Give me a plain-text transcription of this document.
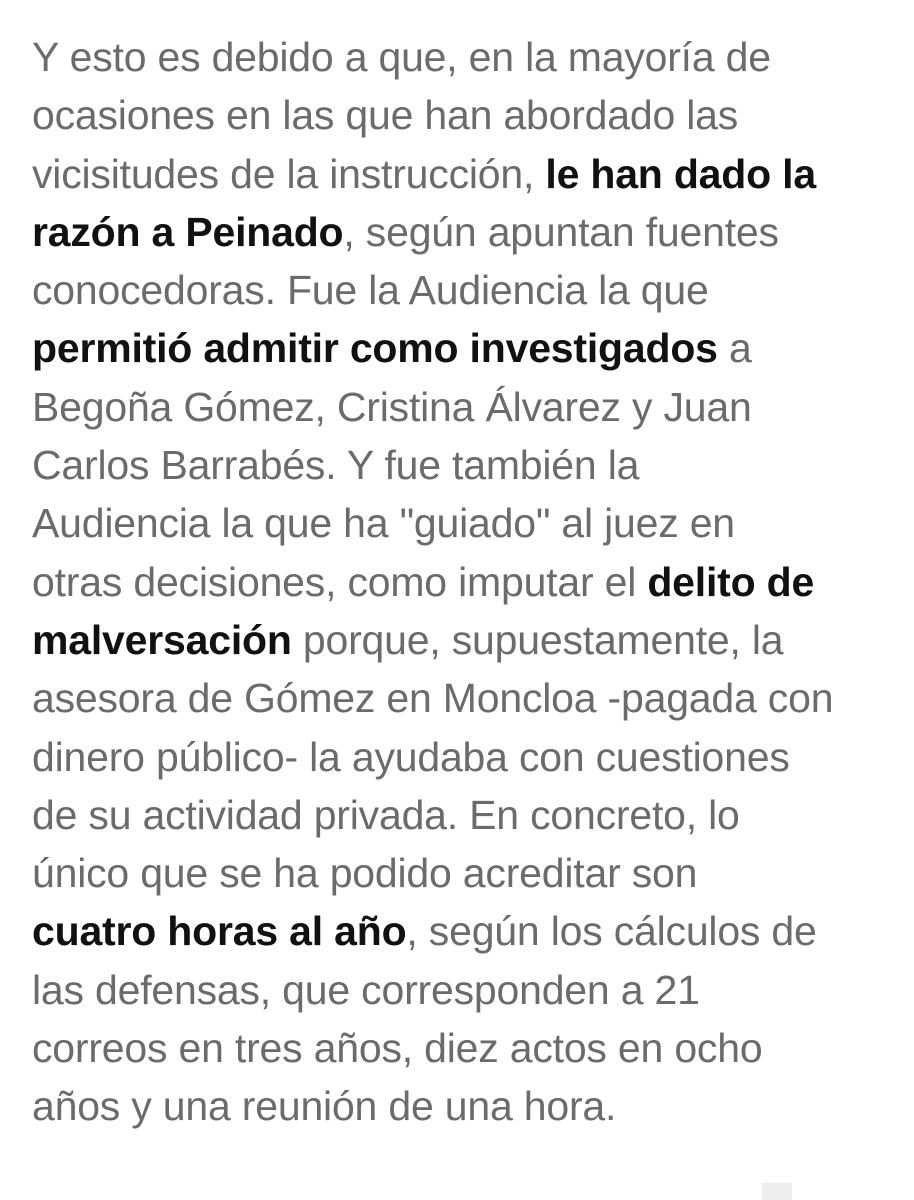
Y esto es debido a que, en la mayoría de
ocasiones en las que han abordado las
vicisitudes de la instrucción, le han dado la
razón a Peinado, según apuntan fuentes
conocedoras. Fue la Audiencia la que
permitió admitir como investigados a
Begoña Gómez, Cristina Álvarez y Juan
Carlos Barrabés. Y fue también la
Audiencia la que ha "guiado" al juez en
otras decisiones, como imputar el delito de
malversación porque, supuestamente, la
asesora de Gómez en Moncloa -pagada con
dinero público- la ayudaba con cuestiones
de su actividad privada. En concreto, lo
único que se ha podido acreditar son
cuatro horas al año, según los cálculos de
las defensas, que corresponden a 21
correos en tres años, diez actos en ocho
años y una reunión de una hora.
